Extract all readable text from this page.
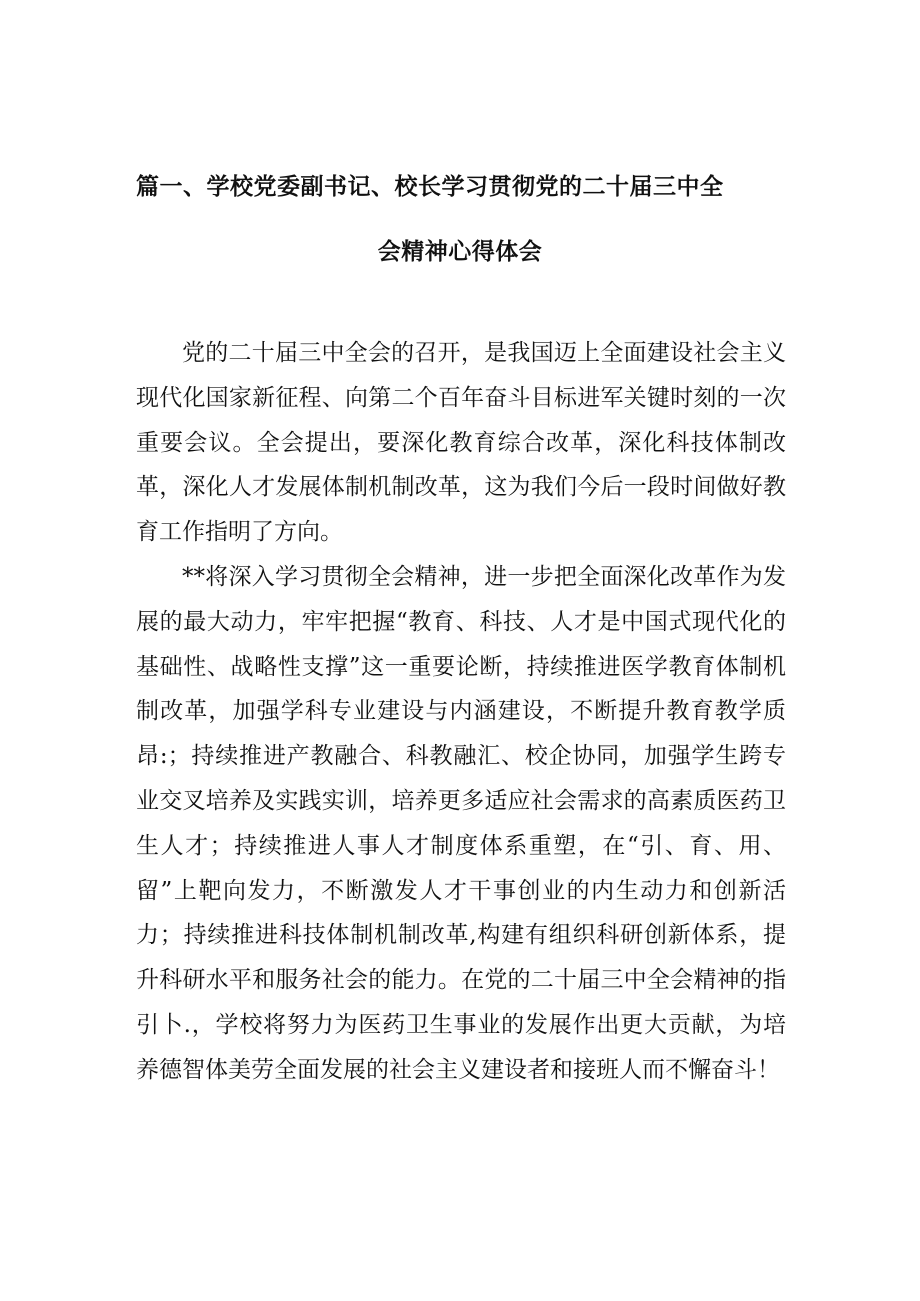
篇一、学校党委副书记、校长学习贯彻党的二十届三中全
会精神心得体会

党的二十届三中全会的召开，是我国迈上全面建设社会主义现代化国家新征程、向第二个百年奋斗目标进军关键时刻的一次重要会议。全会提出，要深化教育综合改革，深化科技体制改革，深化人才发展体制机制改革，这为我们今后一段时间做好教育工作指明了方向。

**将深入学习贯彻全会精神，进一步把全面深化改革作为发展的最大动力，牢牢把握“教育、科技、人才是中国式现代化的基础性、战略性支撑”这一重要论断，持续推进医学教育体制机制改革，加强学科专业建设与内涵建设，不断提升教育教学质昂:；持续推进产教融合、科教融汇、校企协同，加强学生跨专业交叉培养及实践实训，培养更多适应社会需求的高素质医药卫生人才；持续推进人事人才制度体系重塑，在“引、育、用、留”上靶向发力，不断激发人才干事创业的内生动力和创新活力；持续推进科技体制机制改革,构建有组织科研创新体系，提升科研水平和服务社会的能力。在党的二十届三中全会精神的指引卜.，学校将努力为医药卫生事业的发展作出更大贡献，为培养德智体美劳全面发展的社会主义建设者和接班人而不懈奋斗！
